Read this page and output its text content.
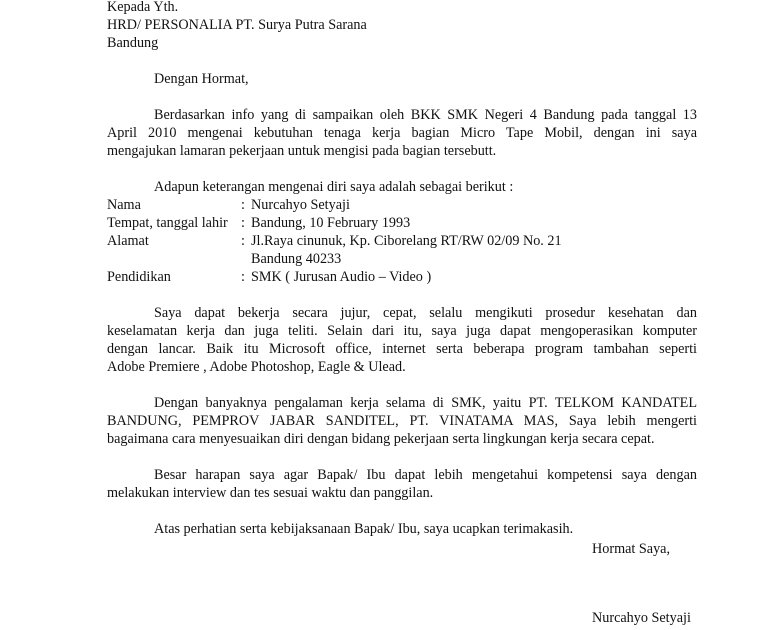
Kepada Yth.
HRD/ PERSONALIA PT. Surya Putra Sarana
Bandung
Dengan Hormat,
Berdasarkan info yang di sampaikan oleh BKK SMK Negeri 4 Bandung pada tanggal 13
April 2010 mengenai kebutuhan tenaga kerja bagian Micro Tape Mobil, dengan ini saya
mengajukan lamaran pekerjaan untuk mengisi pada bagian tersebutt.
Adapun keterangan mengenai diri saya adalah sebagai berikut :
Nama	: Nurcahyo Setyaji
Tempat, tanggal lahir : Bandung, 10 February 1993
Alamat	: Jl.Raya cinunuk, Kp. Ciborelang RT/RW 02/09 No. 21
Bandung 40233
Pendidikan	: SMK ( Jurusan Audio – Video )
Saya dapat bekerja secara jujur, cepat, selalu mengikuti prosedur kesehatan dan
keselamatan kerja dan juga teliti. Selain dari itu, saya juga dapat mengoperasikan komputer
dengan lancar. Baik itu Microsoft office, internet serta beberapa program tambahan seperti
Adobe Premiere , Adobe Photoshop, Eagle & Ulead.
Dengan banyaknya pengalaman kerja selama di SMK, yaitu PT. TELKOM KANDATEL
BANDUNG, PEMPROV JABAR SANDITEL, PT. VINATAMA MAS, Saya lebih mengerti
bagaimana cara menyesuaikan diri dengan bidang pekerjaan serta lingkungan kerja secara cepat.
Besar harapan saya agar Bapak/ Ibu dapat lebih mengetahui kompetensi saya dengan
melakukan interview dan tes sesuai waktu dan panggilan.
Atas perhatian serta kebijaksanaan Bapak/ Ibu, saya ucapkan terimakasih.
Hormat Saya,
Nurcahyo Setyaji
